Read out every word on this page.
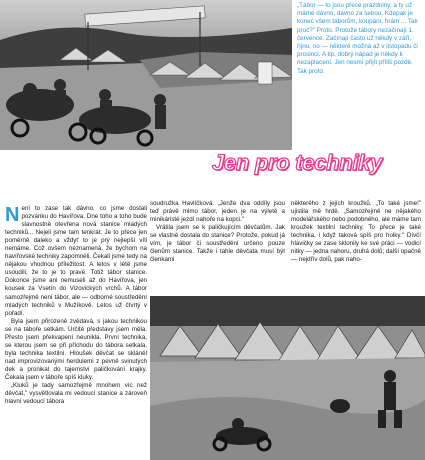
„Tábor — to jsou přece prázdniny, a ty už máme dávno, dávno za sebou. Kdepak je konec všem táborům, koupání, hrám ... Tak proč?" Proto. Protože tábory nezačínají 1. července. Začínají často už někdy v září, říjnu, no — některé možná až v listopadu či prosinci. A tip, dobrý nápad je někdy k nezaplacení. Jen nesmí přijít příliš pozdě. Tak proto.

Jen pro techniky

N ení to zase tak dávno, co jsme dostali pozvánku do Havířova. Dne toho a toho bude slavnostně otevřena nová stanice mladých techniků... Nejeli jsme tam tenkrát. Je to přece jen poměrně daleko a vždyť to je prý nejlepší víli nemáme. Což ovšem neznamená, že bychom na havířovské techniky zapomněli. Čekali jsme tedy na nějakou vhodnou příležitost. A letos v létě jsme usoudili, že to je to pravé. Totiž tábor stanice. Dokonce jsme ani nemuseli až do Havířova, jen kousek za Vsetín do Vizovických vrchů. A tábor samozřejmě není tábor, ale — odborné soustředění mladých techniků v Mužíkově. Letos už čtvrtý v pořadí.

Byla jsem přirozeně zvědavá, s jakou technikou se na táboře setkám. Určitě představy jsem měla. Přesto jsem překvapení neunikla. První technika, se kterou jsem se při příchodu do tábora setkala, byla technika textilní. Hloušek děvčat se skláněl nad improvizovanými herdulemi z pevně svinutých dek a pronikal do tajemství paličkování krajky. Čekala jsem v táboře spíš kluky.

„Kluků je tady samozřejmě mnohem víc než děvčat," vysvětlovala mi vedoucí stanice a zároveň hlavní vedoucí tábora

soudružka Havlíčková. „Jenže dva oddíly jsou teď právě mimo tábor, jeden je na výletě a minikáristé jezdí nahoře na kopci."

Vrátila jsem se k paličkujícím děvčatům. Jak se vlastně dostala do stanice? Protože, pokud já vím, je tábor či soustředění určeno pouze členům stanice. Takže i tahle děvčata musí být členkami

některého z jejích kroužků. „To také jsme!" ujistila mě hrdě. „Samozřejmě ne nějakého modelářského nebo podobného, ale máme tam kroužek textilní techniky. To přece je také technika, i když taková spíš pro holky." Dívčí hlavičky se zase sklonily ke své práci — vodicí nitky — jedna nahoru, druhá dolů; další opačně — nejdřív dolů, pak naho-
